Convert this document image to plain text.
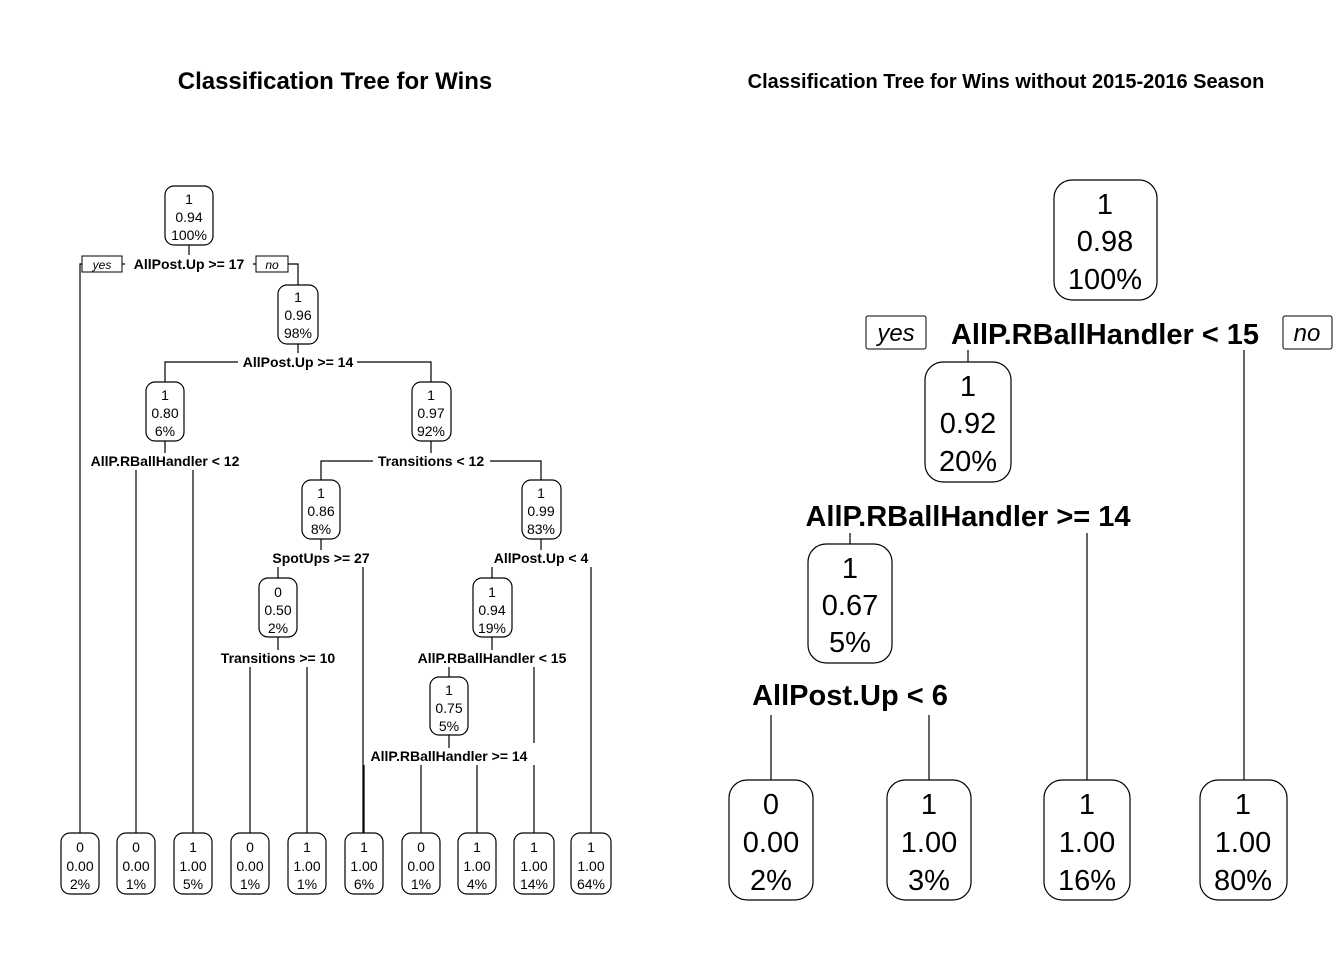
Classification Tree for Wins	Classification Tree for Wins without 2015-2016 Season
1
0.94
100%
1
0.96
98%
1
0.80
6%
1
0.97
92%
1
0.86
8%
1
0.99
83%
0
0.50
2%
1
0.94
19%
1
0.75
5%
yes	no
AllPost.Up >= 17
AllPost.Up >= 14
AllP.RBallHandler < 12	Transitions < 12
SpotUps >= 27	AllPost.Up < 4
Transitions >= 10	AllP.RBallHandler < 15
AllP.RBallHandler >= 14
0
0.00
2%
0
0.00
1%
1
1.00
5%
0
0.00
1%
1
1.00
1%
1
1.00
6%
0
0.00
1%
1
1.00
4%
1
1.00
14%
1
1.00
64%
1
0.98
100%
1
0.92
20%
1
0.67
5%
yes	no
AllP.RBallHandler < 15
AllP.RBallHandler >= 14
AllPost.Up < 6
0
0.00
2%
1
1.00
3%
1
1.00
16%
1
1.00
80%
